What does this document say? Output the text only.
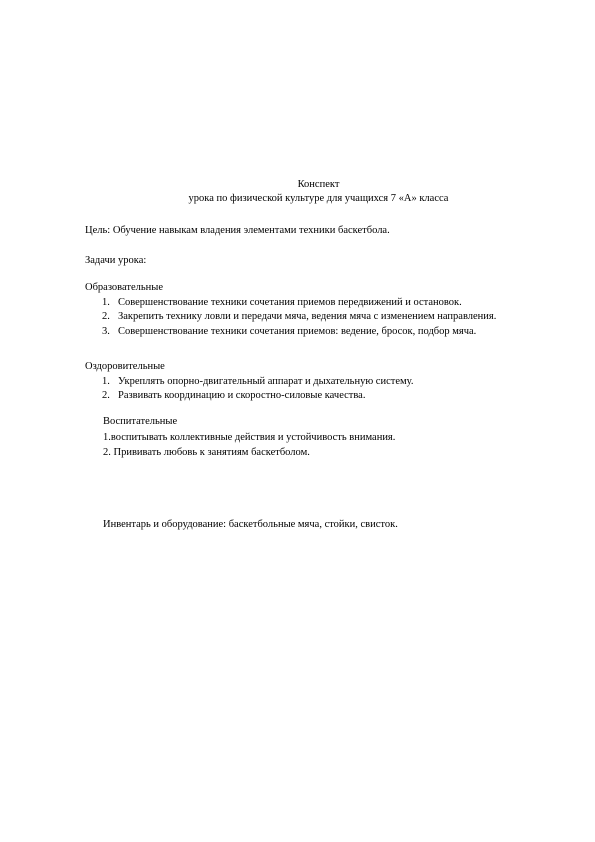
Конспект
урока по физической культуре для учащихся 7 «А» класса
Цель: Обучение навыкам владения элементами техники баскетбола.
Задачи урока:
Образовательные
1. Совершенствование техники сочетания приемов передвижений и остановок.
2. Закрепить технику ловли и передачи мяча, ведения мяча с изменением направления.
3. Совершенствование техники сочетания приемов: ведение, бросок, подбор мяча.
Оздоровительные
1. Укреплять опорно-двигательный аппарат и дыхательную систему.
2. Развивать координацию и скоростно-силовые качества.
Воспитательные
1.воспитывать коллективные действия и устойчивость внимания.
2. Прививать любовь к занятиям баскетболом.
Инвентарь и оборудование: баскетбольные мяча, стойки, свисток.
